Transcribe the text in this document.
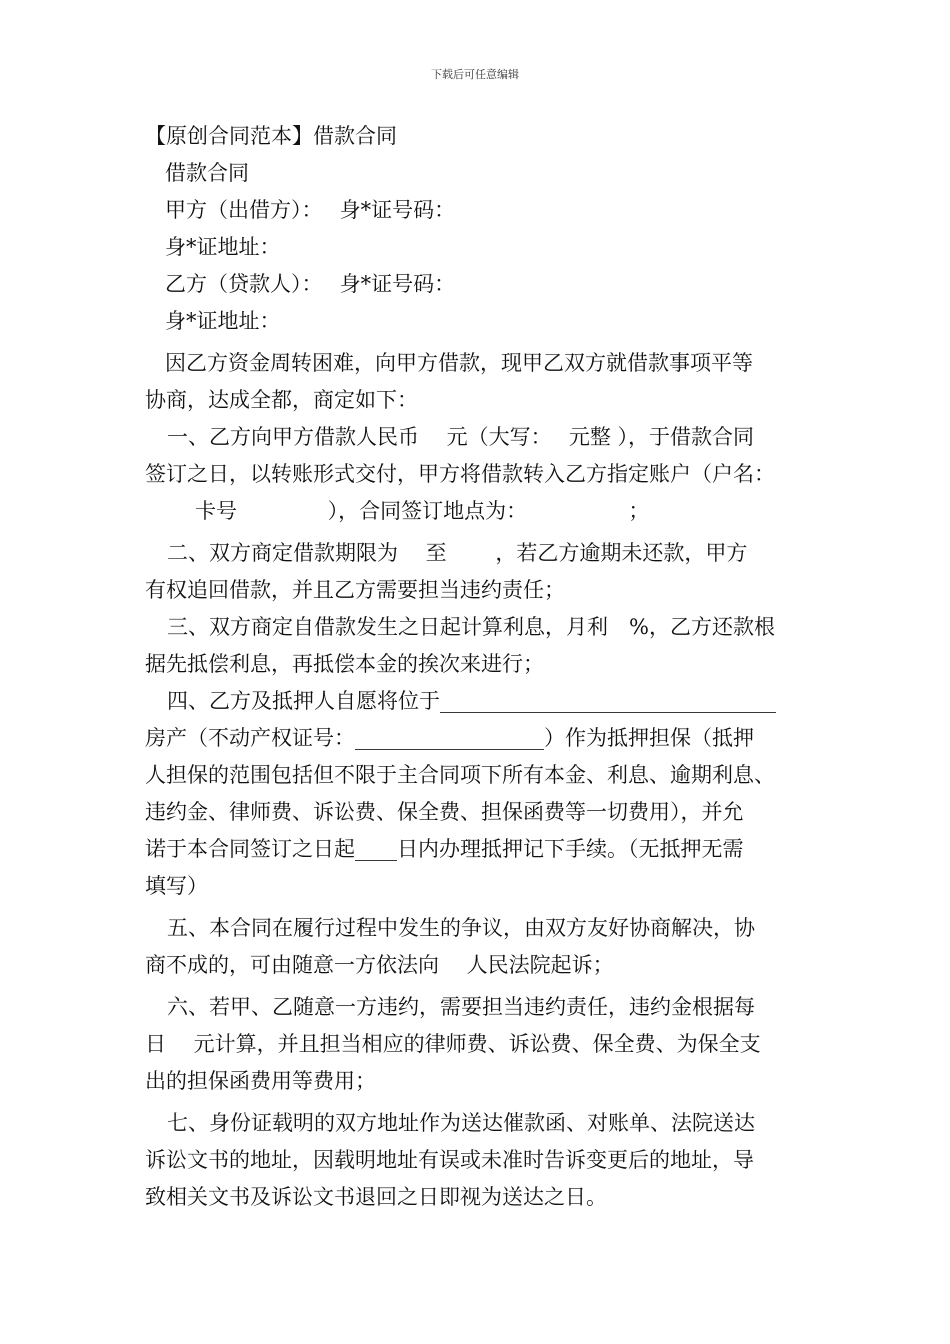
下载后可任意编辑
【原创合同范本】借款合同
借款合同
甲方（出借方）：　 身*证号码：
身*证地址：
乙方（贷款人）：　 身*证号码：
身*证地址：
因乙方资金周转困难，向甲方借款，现甲乙双方就借款事项平等
协商，达成全都，商定如下：
一、乙方向甲方借款人民币　 元（大写：　 元整 ），于借款合同
签订之日，以转账形式交付，甲方将借款转入乙方指定账户（户名：
卡号　　　　 ），合同签订地点为：　　　　　 ；
二、双方商定借款期限为　 至　　 ，若乙方逾期未还款，甲方
有权追回借款，并且乙方需要担当违约责任；
三、双方商定自借款发生之日起计算利息，月利　%，乙方还款根
据先抵偿利息，再抵偿本金的挨次来进行；
四、乙方及抵押人自愿将位于________________________________
房产（不动产权证号：__________________）作为抵押担保（抵押
人担保的范围包括但不限于主合同项下所有本金、利息、逾期利息、
违约金、律师费、诉讼费、保全费、担保函费等一切费用），并允
诺于本合同签订之日起____日内办理抵押记下手续。（无抵押无需
填写）
五、本合同在履行过程中发生的争议，由双方友好协商解决，协
商不成的，可由随意一方依法向　 人民法院起诉；
六、若甲、乙随意一方违约，需要担当违约责任，违约金根据每
日　 元计算，并且担当相应的律师费、诉讼费、保全费、为保全支
出的担保函费用等费用；
七、身份证载明的双方地址作为送达催款函、对账单、法院送达
诉讼文书的地址，因载明地址有误或未准时告诉变更后的地址，导
致相关文书及诉讼文书退回之日即视为送达之日。
